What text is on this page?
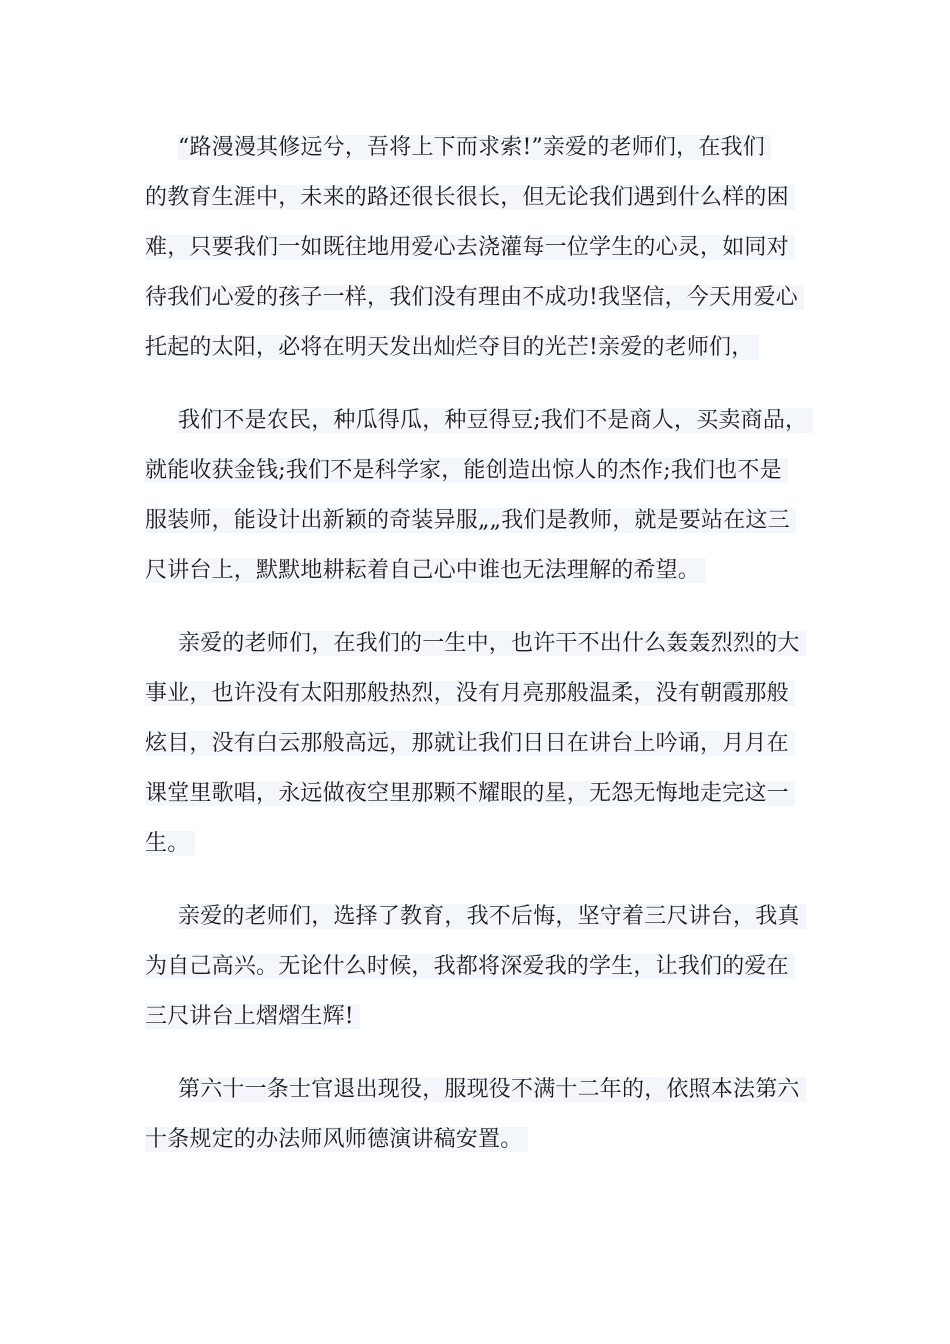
“路漫漫其修远兮，吾将上下而求索!”亲爱的老师们，在我们
的教育生涯中，未来的路还很长很长，但无论我们遇到什么样的困
难，只要我们一如既往地用爱心去浇灌每一位学生的心灵，如同对
待我们心爱的孩子一样，我们没有理由不成功!我坚信，今天用爱心
托起的太阳，必将在明天发出灿烂夺目的光芒!亲爱的老师们，
我们不是农民，种瓜得瓜，种豆得豆;我们不是商人，买卖商品，
就能收获金钱;我们不是科学家，能创造出惊人的杰作;我们也不是
服装师，能设计出新颖的奇装异服„„我们是教师，就是要站在这三
尺讲台上，默默地耕耘着自己心中谁也无法理解的希望。
亲爱的老师们，在我们的一生中，也许干不出什么轰轰烈烈的大
事业，也许没有太阳那般热烈，没有月亮那般温柔，没有朝霞那般
炫目，没有白云那般高远，那就让我们日日在讲台上吟诵，月月在
课堂里歌唱，永远做夜空里那颗不耀眼的星，无怨无悔地走完这一
生。
亲爱的老师们，选择了教育，我不后悔，坚守着三尺讲台，我真
为自己高兴。无论什么时候，我都将深爱我的学生，让我们的爱在
三尺讲台上熠熠生辉!
第六十一条士官退出现役，服现役不满十二年的，依照本法第六
十条规定的办法师风师德演讲稿安置。
